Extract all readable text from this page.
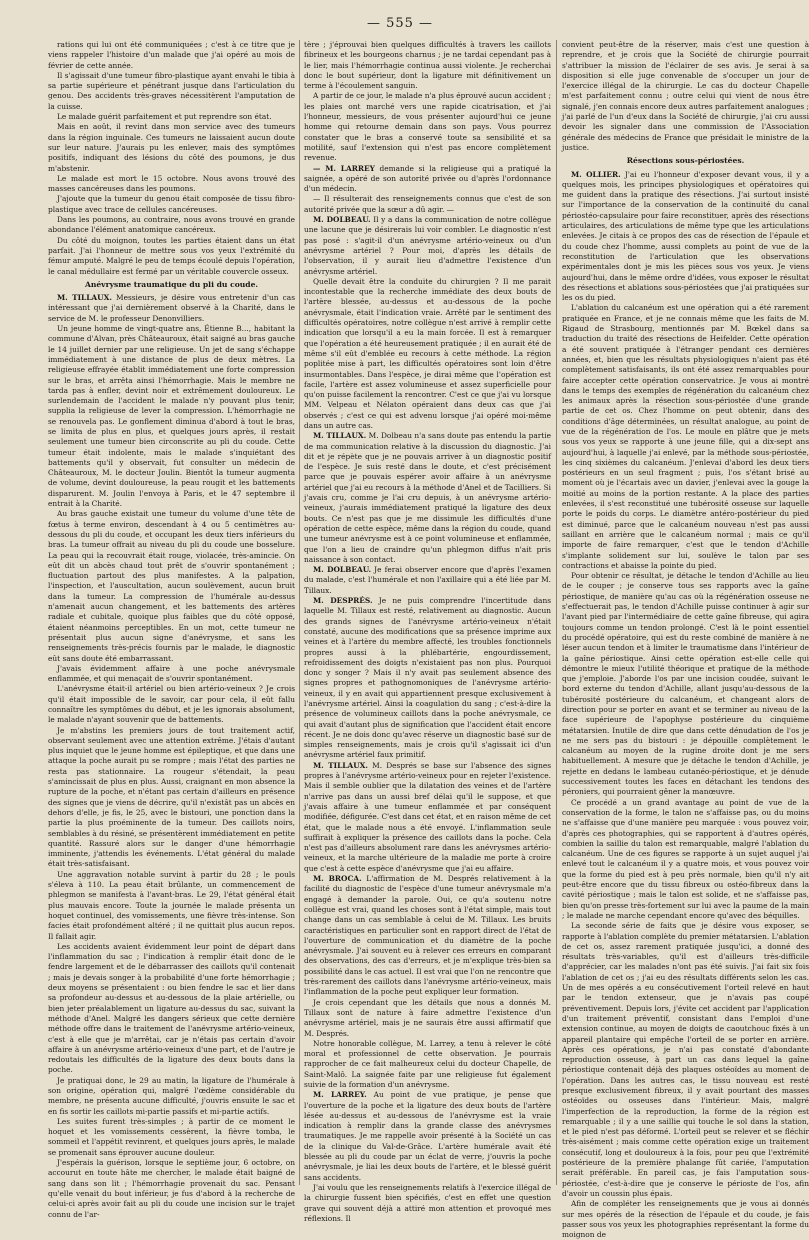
— 555 —

rations qui lui ont été communiquées ; c'est à ce titre que je viens rappeler l'histoire d'un malade que j'ai opéré au mois de février de cette année.

Il s'agissait d'une tumeur fibro-plastique ayant envahi le tibia à sa partie supérieure et pénétrant jusque dans l'articulation du genou. Des accidents très-graves nécessitèrent l'amputation de la cuisse.

Le malade guérit parfaitement et put reprendre son état.

Mais en août, il revint dans mon service avec des tumeurs dans la région inguinale. Ces tumeurs ne laissaient aucun doute sur leur nature. J'aurais pu les enlever, mais des symptômes positifs, indiquant des lésions du côté des poumons, je dus m'abstenir.

Le malade est mort le 15 octobre. Nous avons trouvé des masses cancéreuses dans les poumons.

J'ajoute que la tumeur du genou était composée de tissu fibro-plastique avec trace de cellules cancéreuses.

Dans les poumons, au contraire, nous avons trouvé en grande abondance l'élément anatomique cancéreux.

Du côté du moignon, toutes les parties étaient dans un état parfait. J'ai l'honneur de mettre sous vos yeux l'extrémité du fémur amputé. Malgré le peu de temps écoulé depuis l'opération, le canal médullaire est fermé par un véritable couvercle osseux.

Anévrysme traumatique du pli du coude.

M. TILLAUX. Messieurs, je désire vous entretenir d'un cas intéressant que j'ai dernièrement observé à la Charité, dans le service de M. le professeur Denonvilliers.

Un jeune homme de vingt-quatre ans, Étienne B..., habitant la commune d'Alvan, près Châteauroux, était saigné au bras gauche le 14 juillet dernier par une religieuse. Un jet de sang s'échappe immédiatement à une distance de plus de deux mètres. La religieuse effrayée établit immédiatement une forte compression sur le bras, et arrêta ainsi l'hémorrhagie. Mais le membre ne tarda pas à enfler, devint noir et extrêmement douloureux. Le surlendemain de l'accident le malade n'y pouvant plus tenir, supplia la religieuse de lever la compression. L'hémorrhagie ne se renouvela pas. Le gonflement diminua d'abord à tout le bras, se limita de plus en plus, et quelques jours après, il restait seulement une tumeur bien circonscrite au pli du coude. Cette tumeur était indolente, mais le malade s'inquiétant des battements qu'il y observait, fut consulter un médecin de Châteauroux, M. le docteur Joulin. Bientôt la tumeur augmenta de volume, devint douloureuse, la peau rougit et les battements disparurent. M. Joulin l'envoya à Paris, et le 47 septembre il entrait à la Charité.

Au bras gauche existait une tumeur du volume d'une tête de fœtus à terme environ, descendant à 4 ou 5 centimètres au-dessous du pli du coude, et occupant les deux tiers inférieurs du bras. La tumeur offrait au niveau du pli du coude une bosselure. La peau qui la recouvrait était rouge, violacée, très-amincie. On eût dit un abcès chaud tout prêt de s'ouvrir spontanément ; fluctuation partout des plus manifestes. A la palpation, l'inspection, et l'auscultation, aucun soulèvement, aucun bruit dans la tumeur. La compression de l'humérale au-dessus n'amenait aucun changement, et les battements des artères radiale et cubitale, quoique plus faibles que du côté opposé, étaient néanmoins perceptibles. En un mot, cette tumeur ne présentait plus aucun signe d'anévrysme, et sans les renseignements très-précis fournis par le malade, le diagnostic eût sans doute été embarrassant.

J'avais évidemment affaire à une poche anévrysmale enflammée, et qui menaçait de s'ouvrir spontanément.

L'anévrysme était-il artériel ou bien artério-veineux ? Je crois qu'il était impossible de le savoir, car pour cela, il eût fallu connaître les symptômes du début, et je les ignorais absolument, le malade n'ayant souvenir que de battements.

Je m'abstins les premiers jours de tout traitement actif, observant seulement avec une attention extrême. J'étais d'autant plus inquiet que le jeune homme est épileptique, et que dans une attaque la poche aurait pu se rompre ; mais l'état des parties ne resta pas stationnaire. La rougeur s'étendait, la peau s'amincissait de plus en plus. Aussi, craignant en mon absence la rupture de la poche, et n'étant pas certain d'ailleurs en présence des signes que je viens de décrire, qu'il n'existât pas un abcès en dehors d'elle, je fis, le 25, avec le bistouri, une ponction dans la partie la plus proéminente de la tumeur. Des caillots noirs, semblables à du résiné, se présentèrent immédiatement en petite quantité. Rassuré alors sur le danger d'une hémorrhagie imminente, j'attendis les événements. L'état général du malade était très-satisfaisant.

Une aggravation notable survint à partir du 28 ; le pouls s'éleva à 110. La peau était brûlante, un commencement de phlegmon se manifesta à l'avant-bras. Le 29, l'état général était plus mauvais encore. Toute la journée le malade présenta un hoquet continuel, des vomissements, une fièvre très-intense. Son facies était profondément altéré ; il ne quittait plus aucun repos. Il fallait agir.

Les accidents avaient évidemment leur point de départ dans l'inflammation du sac ; l'indication à remplir était donc de le fendre largement et de le débarrasser des caillots qu'il contenait ; mais je devais songer à la probabilité d'une forte hémorrhagie ; deux moyens se présentaient : ou bien fendre le sac et lier dans sa profondeur au-dessus et au-dessous de la plaie artérielle, ou bien jeter préalablement un ligature au-dessus du sac, suivant la méthode d'Anel. Malgré les dangers sérieux que cette dernière méthode offre dans le traitement de l'anévrysme artério-veineux, c'est à elle que je m'arrêtai, car je n'étais pas certain d'avoir affaire à un anévrysme artério-veineux d'une part, et de l'autre je redoutais les difficultés de la ligature des deux bouts dans la poche.

Je pratiquai donc, le 29 au matin, la ligature de l'humérale à son origine, opération qui, malgré l'œdème considérable du membre, ne présenta aucune difficulté, j'ouvris ensuite le sac et en fis sortir les caillots mi-partie passifs et mi-partie actifs.

Les suites furent très-simples ; à partir de ce moment le hoquet et les vomissements cessèrent, la fièvre tomba, le sommeil et l'appétit revinrent, et quelques jours après, le malade se promenait sans éprouver aucune douleur.

J'espérais la guérison, lorsque le septième jour, 6 octobre, on accourut en toute hâte me chercher, le malade était baigné de sang dans son lit ; l'hémorrhagie provenait du sac. Pensant qu'elle venait du bout inférieur, je fus d'abord à la recherche de celui-ci après avoir fait au pli du coude une incision sur le trajet connu de l'ar-

tère ; j'éprouvai bien quelques difficultés à travers les caillots fibrineux et les bourgeons charnus ; je ne tardai cependant pas à le lier, mais l'hémorrhagie continua aussi violente. Je recherchai donc le bout supérieur, dont la ligature mit définitivement un terme à l'écoulement sanguin.

A partir de ce jour, le malade n'a plus éprouvé aucun accident ; les plaies ont marché vers une rapide cicatrisation, et j'ai l'honneur, messieurs, de vous présenter aujourd'hui ce jeune homme qui retourne demain dans son pays. Vous pourrez constater que le bras a conservé toute sa sensibilité et sa motilité, sauf l'extension qui n'est pas encore complètement revenue.

— M. LARREY demande si la religieuse qui a pratiqué la saignée, a opéré de son autorité privée ou d'après l'ordonnance d'un médecin.

— Il résulterait des renseignements connus que c'est de son autorité privée que la sœur a dû agir. —

M. DOLBEAU. Il y a dans la communication de notre collègue une lacune que je désirerais lui voir combler. Le diagnostic n'est pas posé : s'agit-il d'un anévrysme artério-veineux ou d'un anévrysme artériel ? Pour moi, d'après les détails de l'observation, il y aurait lieu d'admettre l'existence d'un anévrysme artériel.

Quelle devait être la conduite du chirurgien ? Il me parait incontestable que la recherche immédiate des deux bouts de l'artère blessée, au-dessus et au-dessous de la poche anévrysmale, était l'indication vraie. Arrêté par le sentiment des difficultés opératoires, notre collègue n'est arrivé à remplir cette indication que lorsqu'il a eu la main forcée. Il est à remarquer que l'opération a été heureusement pratiquée ; il en aurait été de même s'il eût d'emblée eu recours à cette méthode. La région poplitée mise à part, les difficultés opératoires sont loin d'être insurmontables. Dans l'espèce, je dirai même que l'opération est facile, l'artère est assez volumineuse et assez superficielle pour qu'on puisse facilement la rencontrer. C'est ce que j'ai vu lorsque MM. Velpeau et Nélaton opéraient dans deux cas que j'ai observés ; c'est ce qui est advenu lorsque j'ai opéré moi-même dans un autre cas.

M. TILLAUX. M. Dolbeau n'a sans doute pas entendu la partie de ma communication relative à la discussion du diagnostic. J'ai dit et je répète que je ne pouvais arriver à un diagnostic positif de l'espèce. Je suis resté dans le doute, et c'est précisément parce que je pouvais espérer avoir affaire à un anévrysme artériel que j'ai eu recours à la méthode d'Anel et de Tacilliers. Si j'avais cru, comme je l'ai cru depuis, à un anévrysme artério-veineux, j'aurais immédiatement pratiqué la ligature des deux bouts. Ce n'est pas que je me dissimule les difficultés d'une opération de cette espèce, même dans la région du coude, quand une tumeur anévrysme est à ce point volumineuse et enflammée, que l'on a lieu de craindre qu'un phlegmon diffus n'ait pris naissance à son contact.

M. DOLBEAU. Je ferai observer encore que d'après l'examen du malade, c'est l'humérale et non l'axillaire qui a été liée par M. Tillaux.

M. DESPRÉS. Je ne puis comprendre l'incertitude dans laquelle M. Tillaux est resté, relativement au diagnostic. Aucun des grands signes de l'anévrysme artério-veineux n'était constaté, aucune des modifications que sa présence imprime aux veines et à l'artère du membre affecté, les troubles fonctionnels propres aussi à la phlébartérie, engourdissement, refroidissement des doigts n'existaient pas non plus. Pourquoi donc y songer ? Mais il n'y avait pas seulement absence des signes propres et pathognomoniques de l'anévrysme artério-veineux, il y en avait qui appartiennent presque exclusivement à l'anévrysme artériel. Ainsi la coagulation du sang ; c'est-à-dire la présence de volumineux caillots dans la poche anévrysmale, ce qui avait d'autant plus de signification que l'accident était encore récent. Je ne dois donc qu'avec réserve un diagnostic basé sur de simples renseignements, mais je crois qu'il s'agissait ici d'un anévrysme artériel faux primitif.

M. TILLAUX. M. Després se base sur l'absence des signes propres à l'anévrysme artério-veineux pour en rejeter l'existence. Mais il semble oublier que la dilatation des veines et de l'artère n'arrive pas dans un aussi bref délai qu'il le suppose, et que j'avais affaire à une tumeur enflammée et par conséquent modifiée, défigurée. C'est dans cet état, et en raison même de cet état, que le malade nous a été envoyé. L'inflammation seule suffirait à expliquer la présence des caillots dans la poche. Cela n'est pas d'ailleurs absolument rare dans les anévrysmes artério-veineux, et la marche ultérieure de la maladie me porte à croire que c'est à cette espèce d'anévrysme que j'ai eu affaire.

M. BROCA. L'affirmation de M. Després relativement à la facilité du diagnostic de l'espèce d'une tumeur anévrysmale m'a engagé à demander la parole. Oui, ce qu'a soutenu notre collègue est vrai, quand les choses sont à l'état simple, mais tout change dans un cas semblable à celui de M. Tillaux. Les bruits caractéristiques en particulier sont en rapport direct de l'état de l'ouverture de communication et du diamètre de la poche anévrysmale. J'ai souvent eu à relever ces erreurs en comparant des observations, des cas d'erreurs, et je m'explique très-bien sa possibilité dans le cas actuel. Il est vrai que l'on ne rencontre que très-rarement des caillots dans l'anévrysme artério-veineux, mais l'inflammation de la poche peut expliquer leur formation.

Je crois cependant que les détails que nous a donnés M. Tillaux sont de nature à faire admettre l'existence d'un anévrysme artériel, mais je ne saurais être aussi affirmatif que M. Després.

Notre honorable collègue, M. Larrey, a tenu à relever le côté moral et professionnel de cette observation. Je pourrais rapprocher de ce fait malheureux celui du docteur Chapelle, de Saint-Malô. La saignée faite par une religieuse fut également suivie de la formation d'un anévrysme.

M. LARREY. Au point de vue pratique, je pense que l'ouverture de la poche et la ligature des deux bouts de l'artère lésée au-dessus et au-dessous de l'anévrysme est la vraie indication à remplir dans la grande classe des anévrysmes traumatiques. Je me rappelle avoir présenté à la Société un cas de la clinique du Val-de-Grâce. L'artère humérale avait été blessée au pli du coude par un éclat de verre, j'ouvris la poche anévrysmale, je liai les deux bouts de l'artère, et le blessé guérit sans accidents.

J'ai voulu que les renseignements relatifs à l'exercice illégal de la chirurgie fussent bien spécifiés, c'est en effet une question grave qui souvent déjà a attiré mon attention et provoqué mes réflexions. Il

convient peut-être de la réserver, mais c'est une question à reprendre, et je crois que la Société de chirurgie pourrait s'attribuer la mission de l'éclairer de ses avis. Je serai à sa disposition si elle juge convenable de s'occuper un jour de l'exercice illégal de la chirurgie. Le cas du docteur Chapelle m'est parfaitement connu ; outre celui qui vient de nous être signalé, j'en connais encore deux autres parfaitement analogues ; j'ai parlé de l'un d'eux dans la Société de chirurgie, j'ai cru aussi devoir les signaler dans une commission de l'Association générale des médecins de France que présidait le ministre de la justice.

Résections sous-périostées.

M. OLLIER. J'ai eu l'honneur d'exposer devant vous, il y a quelques mois, les principes physiologiques et opératoires qui me guident dans la pratique des résections. J'ai surtout insisté sur l'importance de la conservation de la continuité du canal périostéo-capsulaire pour faire reconstituer, après des résections articulaires, des articulations de même type que les articulations enlevées. Je citais à ce propos des cas de résection de l'épaule et du coude chez l'homme, aussi complets au point de vue de la reconstitution de l'articulation que les observations expérimentales dont je mis les pièces sous vos yeux. Je viens aujourd'hui, dans le même ordre d'idées, vous exposer le résultat des résections et ablations sous-périostées que j'ai pratiquées sur les os du pied.

L'ablation du calcanéum est une opération qui a été rarement pratiquée en France, et je ne connais même que les faits de M. Rigaud de Strasbourg, mentionnés par M. Bœkel dans sa traduction du traité des résections de Heifelder. Cette opération a été souvent pratiquée à l'étranger pendant ces dernières années, et, bien que les résultats physiologiques n'aient pas été complètement satisfaisants, ils ont été assez remarquables pour faire accepter cette opération conservatrice. Je vous ai montré dans le temps des exemples de régénération du calcanéum chez les animaux après la résection sous-périostée d'une grande partie de cet os. Chez l'homme on peut obtenir, dans des conditions d'âge déterminées, un résultat analogue, au point de vue de la régénération de l'os. Le moule en plâtre que je mets sous vos yeux se rapporte à une jeune fille, qui a dix-sept ans aujourd'hui, à laquelle j'ai enlevé, par la méthode sous-périostée, les cinq sixièmes du calcanéum. J'enlevai d'abord les deux tiers postérieurs en un seul fragment ; puis, l'os s'étant brisé au moment où je l'écartais avec un davier, j'enlevai avec la gouge la moitié au moins de la portion restante. A la place des parties enlevées, il s'est reconstitué une tubérosité osseuse sur laquelle porte le poids du corps. Le diamètre antéro-postérieur du pied est diminué, parce que le calcanéum nouveau n'est pas aussi saillant en arrière que le calcanéum normal ; mais ce qu'il importe de faire remarquer, c'est que le tendon d'Achille s'implante solidement sur lui, soulève le talon par ses contractions et abaisse la pointe du pied.

Pour obtenir ce résultat, je détache le tendon d'Achille au lieu de le couper ; je conserve tous ses rapports avec la gaîne périostique, de manière qu'au cas où la régénération osseuse ne s'effectuerait pas, le tendon d'Achille puisse continuer à agir sur l'avant pied par l'intermédiaire de cette gaîne fibreuse, qui agira toujours comme un tendon prolongé. C'est là le point essentiel du procédé opératoire, qui est du reste combiné de manière à ne léser aucun tendon et à limiter le traumatisme dans l'intérieur de la gaîne périostique. Ainsi cette opération est-elle celle qui démontre le mieux l'utilité théorique et pratique de la méthode que j'emploie. J'aborde l'os par une incision coudée, suivant le bord externe du tendon d'Achille, allant jusqu'au-dessous de la tubérosité postérieure du calcanéum, et changeant alors de direction pour se porter en avant et se terminer au niveau de la face supérieure de l'apophyse postérieure du cinquième métatarsien. Inutile de dire que dans cette dénudation de l'os je ne me sers pas du bistouri : je dépouille complètement le calcanéum au moyen de la rugine droite dont je me sers habituellement. A mesure que je détache le tendon d'Achille, je rejette en dedans le lambeau cutanéo-périostique, et je dénude successivement toutes les faces en détachant les tendons des péroniers, qui pourraient gêner la manœuvre.

Ce procédé a un grand avantage au point de vue de la conservation de la forme, le talon ne s'affaisse pas, ou du moins ne s'affaisse que d'une manière peu marquée : vous pouvez voir, d'après ces photographies, qui se rapportent à d'autres opérés, combien la saillie du talon est remarquable, malgré l'ablation du calcanéum. Une de ces figures se rapporte à un sujet auquel j'ai enlevé tout le calcanéum il y a quatre mois, et vous pouvez voir que la forme du pied est à peu près normale, bien qu'il n'y ait peut-être encore que du tissu fibreux ou ostéo-fibreux dans la cavité périostique ; mais le talon est solide, et ne s'affaisse pas, bien qu'on presse très-fortement sur lui avec la paume de la main ; le malade ne marche cependant encore qu'avec des béquilles.

La seconde série de faits que je désire vous exposer, se rapporte à l'ablation complète du premier métatarsien. L'ablation de cet os, assez rarement pratiquée jusqu'ici, a donné des résultats très-variables, qu'il est d'ailleurs très-difficile d'apprécier, car les malades n'ont pas été suivis. J'ai fait six fois l'ablation de cet os ; j'ai eu des résultats différents selon les cas. Un de mes opérés a eu consécutivement l'orteil relevé en haut par le tendon extenseur, que je n'avais pas coupé préventivement. Depuis lors, j'évite cet accident par l'application d'un traitement préventif, consistant dans l'emploi d'une extension continue, au moyen de doigts de caoutchouc fixés à un appareil plantaire qui empêche l'orteil de se porter en arrière. Après ces opérations, je n'ai pas constaté d'abondante reproduction osseuse, à part un cas dans lequel la gaîne périostique contenait déjà des plaques ostéoïdes au moment de l'opération. Dans les autres cas, le tissu nouveau est resté presque exclusivement fibreux, il y avait pourtant des masses ostéoïdes ou osseuses dans l'intérieur. Mais, malgré l'imperfection de la reproduction, la forme de la région est remarquable ; il y a une saillie qui touche le sol dans la station, et le pied n'est pas déformé. L'orteil peut se relever et se fléchir très-aisément ; mais comme cette opération exige un traitement consécutif, long et douloureux à la fois, pour peu que l'extrémité postérieure de la première phalange fût cariée, l'amputation serait préférable. En pareil cas, je fais l'amputation sous-périostée, c'est-à-dire que je conserve le périoste de l'os, afin d'avoir un coussin plus épais.

Afin de compléter les renseignements que je vous ai donnés sur mes opérés de la résection de l'épaule et du coude, je fais passer sous vos yeux les photographies représentant la forme du moignon de
